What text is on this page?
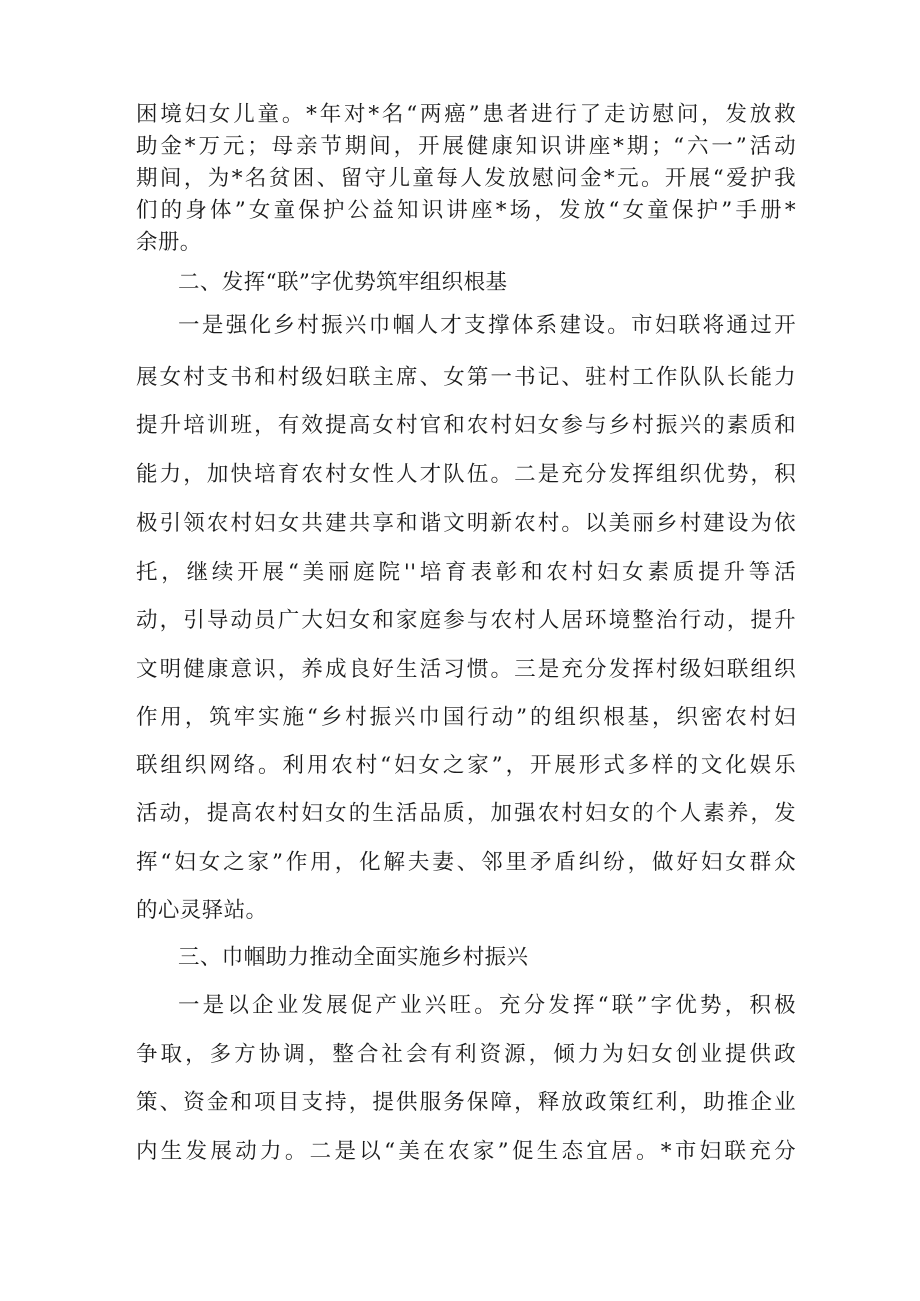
困境妇女儿童。*年对*名“两癌”患者进行了走访慰问，发放救
助金*万元；母亲节期间，开展健康知识讲座*期；“六一”活动
期间，为*名贫困、留守儿童每人发放慰问金*元。开展“爱护我
们的身体”女童保护公益知识讲座*场，发放“女童保护”手册*
余册。
二、发挥“联”字优势筑牢组织根基
一是强化乡村振兴巾帼人才支撑体系建设。市妇联将通过开
展女村支书和村级妇联主席、女第一书记、驻村工作队队长能力
提升培训班，有效提高女村官和农村妇女参与乡村振兴的素质和
能力，加快培育农村女性人才队伍。二是充分发挥组织优势，积
极引领农村妇女共建共享和谐文明新农村。以美丽乡村建设为依
托，继续开展“美丽庭院''培育表彰和农村妇女素质提升等活
动，引导动员广大妇女和家庭参与农村人居环境整治行动，提升
文明健康意识，养成良好生活习惯。三是充分发挥村级妇联组织
作用，筑牢实施“乡村振兴巾国行动”的组织根基，织密农村妇
联组织网络。利用农村“妇女之家”，开展形式多样的文化娱乐
活动，提高农村妇女的生活品质，加强农村妇女的个人素养，发
挥“妇女之家”作用，化解夫妻、邻里矛盾纠纷，做好妇女群众
的心灵驿站。
三、巾帼助力推动全面实施乡村振兴
一是以企业发展促产业兴旺。充分发挥“联”字优势，积极
争取，多方协调，整合社会有利资源，倾力为妇女创业提供政
策、资金和项目支持，提供服务保障，释放政策红利，助推企业
内生发展动力。二是以“美在农家”促生态宜居。*市妇联充分
